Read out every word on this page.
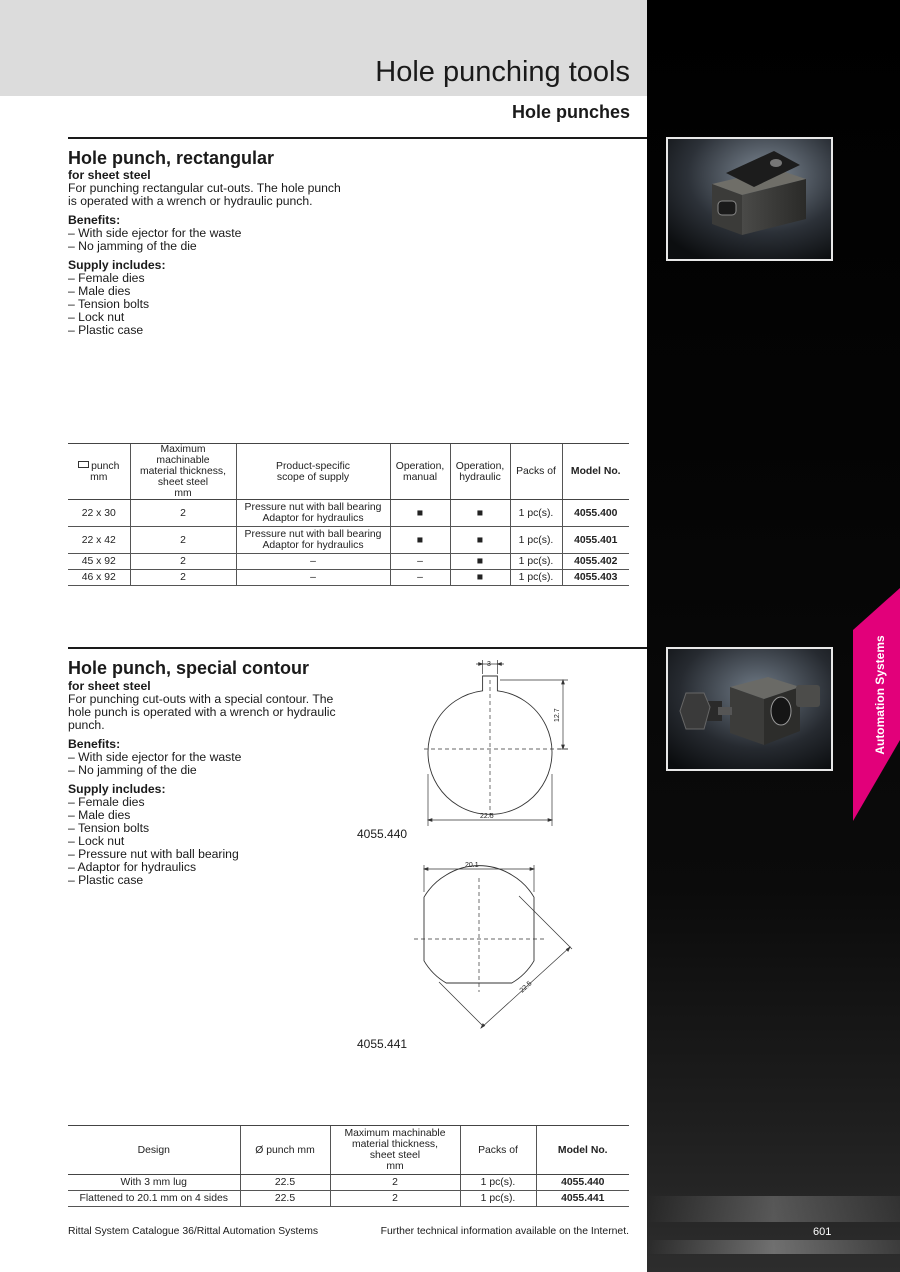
Hole punching tools
Hole punches
Automation Systems
Hole punch, rectangular
for sheet steel
For punching rectangular cut-outs. The hole punch
is operated with a wrench or hydraulic punch.
Benefits:
– With side ejector for the waste
– No jamming of the die
Supply includes:
– Female dies
– Male dies
– Tension bolts
– Lock nut
– Plastic case
punch
mm	Maximum machinable
material thickness,
sheet steel
mm	Product-specific
scope of supply	Operation,
manual	Operation,
hydraulic	Packs of	Model No.
22 x 30	2	Pressure nut with ball bearing
Adaptor for hydraulics	■	■	1 pc(s).	4055.400
22 x 42	2	Pressure nut with ball bearing
Adaptor for hydraulics	■	■	1 pc(s).	4055.401
45 x 92	2	–	–	■	1 pc(s).	4055.402
46 x 92	2	–	–	■	1 pc(s).	4055.403
Hole punch, special contour
for sheet steel
For punching cut-outs with a special contour. The
hole punch is operated with a wrench or hydraulic
punch.
Benefits:
– With side ejector for the waste
– No jamming of the die
Supply includes:
– Female dies
– Male dies
– Tension bolts
– Lock nut
– Pressure nut with ball bearing
– Adaptor for hydraulics
– Plastic case
3
12.7
22.5
4055.440
20.1
22.5
4055.441
Design	Ø punch mm	Maximum machinable
material thickness,
sheet steel
mm	Packs of	Model No.
With 3 mm lug	22.5	2	1 pc(s).	4055.440
Flattened to 20.1 mm on 4 sides	22.5	2	1 pc(s).	4055.441
Rittal System Catalogue 36/Rittal Automation Systems	Further technical information available on the Internet.	601
